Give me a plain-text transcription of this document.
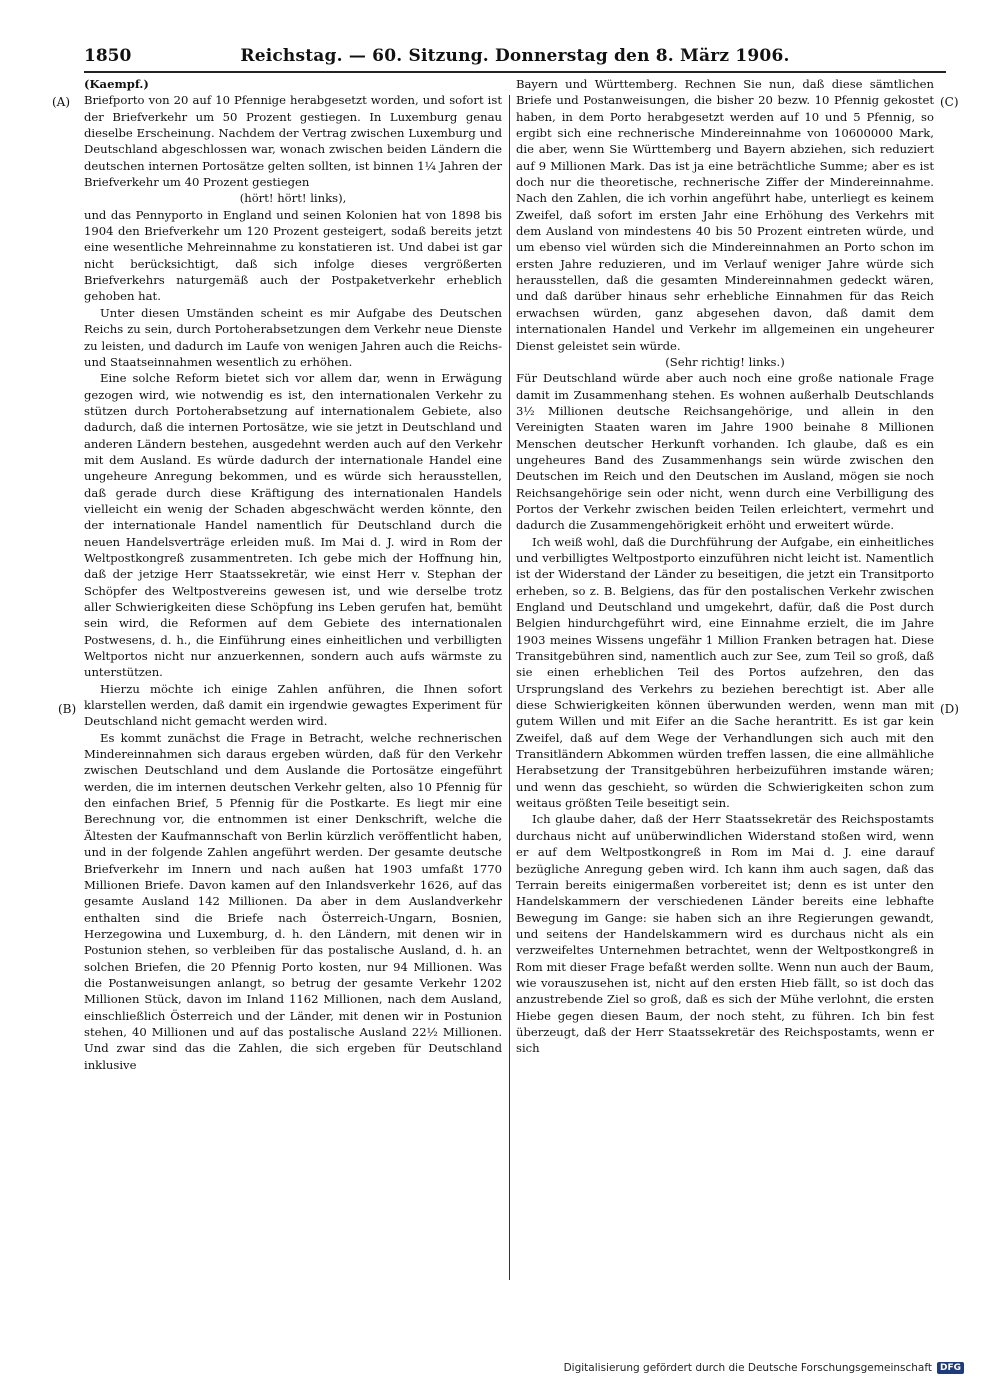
1850	Reichstag. — 60. Sitzung. Donnerstag den 8. März 1906.
(A)
(B)
(C)
(D)

(Kaempf.)

Briefporto von 20 auf 10 Pfennige herabgesetzt worden, und sofort ist der Briefverkehr um 50 Prozent gestiegen. In Luxemburg genau dieselbe Erscheinung. Nachdem der Vertrag zwischen Luxemburg und Deutschland abgeschlossen war, wonach zwischen beiden Ländern die deutschen internen Portosätze gelten sollten, ist binnen 1¼ Jahren der Briefverkehr um 40 Prozent gestiegen

(hört! hört! links),

und das Pennyporto in England und seinen Kolonien hat von 1898 bis 1904 den Briefverkehr um 120 Prozent gesteigert, sodaß bereits jetzt eine wesentliche Mehreinnahme zu konstatieren ist. Und dabei ist gar nicht berücksichtigt, daß sich infolge dieses vergrößerten Briefverkehrs naturgemäß auch der Postpaketverkehr erheblich gehoben hat.

Unter diesen Umständen scheint es mir Aufgabe des Deutschen Reichs zu sein, durch Portoherabsetzungen dem Verkehr neue Dienste zu leisten, und dadurch im Laufe von wenigen Jahren auch die Reichs- und Staatseinnahmen wesentlich zu erhöhen.

Eine solche Reform bietet sich vor allem dar, wenn in Erwägung gezogen wird, wie notwendig es ist, den internationalen Verkehr zu stützen durch Portoherabsetzung auf internationalem Gebiete, also dadurch, daß die internen Portosätze, wie sie jetzt in Deutschland und anderen Ländern bestehen, ausgedehnt werden auch auf den Verkehr mit dem Ausland. Es würde dadurch der internationale Handel eine ungeheure Anregung bekommen, und es würde sich herausstellen, daß gerade durch diese Kräftigung des internationalen Handels vielleicht ein wenig der Schaden abgeschwächt werden könnte, den der internationale Handel namentlich für Deutschland durch die neuen Handelsverträge erleiden muß. Im Mai d. J. wird in Rom der Weltpostkongreß zusammentreten. Ich gebe mich der Hoffnung hin, daß der jetzige Herr Staatssekretär, wie einst Herr v. Stephan der Schöpfer des Weltpostvereins gewesen ist, und wie derselbe trotz aller Schwierigkeiten diese Schöpfung ins Leben gerufen hat, bemüht sein wird, die Reformen auf dem Gebiete des internationalen Postwesens, d. h., die Einführung eines einheitlichen und verbilligten Weltportos nicht nur anzuerkennen, sondern auch aufs wärmste zu unterstützen.

Hierzu möchte ich einige Zahlen anführen, die Ihnen sofort klarstellen werden, daß damit ein irgendwie gewagtes Experiment für Deutschland nicht gemacht werden wird.

Es kommt zunächst die Frage in Betracht, welche rechnerischen Mindereinnahmen sich daraus ergeben würden, daß für den Verkehr zwischen Deutschland und dem Auslande die Portosätze eingeführt werden, die im internen deutschen Verkehr gelten, also 10 Pfennig für den einfachen Brief, 5 Pfennig für die Postkarte. Es liegt mir eine Berechnung vor, die entnommen ist einer Denkschrift, welche die Ältesten der Kaufmannschaft von Berlin kürzlich veröffentlicht haben, und in der folgende Zahlen angeführt werden. Der gesamte deutsche Briefverkehr im Innern und nach außen hat 1903 umfaßt 1770 Millionen Briefe. Davon kamen auf den Inlandsverkehr 1626, auf das gesamte Ausland 142 Millionen. Da aber in dem Auslandverkehr enthalten sind die Briefe nach Österreich-Ungarn, Bosnien, Herzegowina und Luxemburg, d. h. den Ländern, mit denen wir in Postunion stehen, so verbleiben für das postalische Ausland, d. h. an solchen Briefen, die 20 Pfennig Porto kosten, nur 94 Millionen. Was die Postanweisungen anlangt, so betrug der gesamte Verkehr 1202 Millionen Stück, davon im Inland 1162 Millionen, nach dem Ausland, einschließlich Österreich und der Länder, mit denen wir in Postunion stehen, 40 Millionen und auf das postalische Ausland 22½ Millionen. Und zwar sind das die Zahlen, die sich ergeben für Deutschland inklusive

Bayern und Württemberg. Rechnen Sie nun, daß diese sämtlichen Briefe und Postanweisungen, die bisher 20 bezw. 10 Pfennig gekostet haben, in dem Porto herabgesetzt werden auf 10 und 5 Pfennig, so ergibt sich eine rechnerische Mindereinnahme von 10600000 Mark, die aber, wenn Sie Württemberg und Bayern abziehen, sich reduziert auf 9 Millionen Mark. Das ist ja eine beträchtliche Summe; aber es ist doch nur die theoretische, rechnerische Ziffer der Mindereinnahme. Nach den Zahlen, die ich vorhin angeführt habe, unterliegt es keinem Zweifel, daß sofort im ersten Jahr eine Erhöhung des Verkehrs mit dem Ausland von mindestens 40 bis 50 Prozent eintreten würde, und um ebenso viel würden sich die Mindereinnahmen an Porto schon im ersten Jahre reduzieren, und im Verlauf weniger Jahre würde sich herausstellen, daß die gesamten Mindereinnahmen gedeckt wären, und daß darüber hinaus sehr erhebliche Einnahmen für das Reich erwachsen würden, ganz abgesehen davon, daß damit dem internationalen Handel und Verkehr im allgemeinen ein ungeheurer Dienst geleistet sein würde.

(Sehr richtig! links.)

Für Deutschland würde aber auch noch eine große nationale Frage damit im Zusammenhang stehen. Es wohnen außerhalb Deutschlands 3½ Millionen deutsche Reichsangehörige, und allein in den Vereinigten Staaten waren im Jahre 1900 beinahe 8 Millionen Menschen deutscher Herkunft vorhanden. Ich glaube, daß es ein ungeheures Band des Zusammenhangs sein würde zwischen den Deutschen im Reich und den Deutschen im Ausland, mögen sie noch Reichsangehörige sein oder nicht, wenn durch eine Verbilligung des Portos der Verkehr zwischen beiden Teilen erleichtert, vermehrt und dadurch die Zusammengehörigkeit erhöht und erweitert würde.

Ich weiß wohl, daß die Durchführung der Aufgabe, ein einheitliches und verbilligtes Weltpostporto einzuführen nicht leicht ist. Namentlich ist der Widerstand der Länder zu beseitigen, die jetzt ein Transitporto erheben, so z. B. Belgiens, das für den postalischen Verkehr zwischen England und Deutschland und umgekehrt, dafür, daß die Post durch Belgien hindurchgeführt wird, eine Einnahme erzielt, die im Jahre 1903 meines Wissens ungefähr 1 Million Franken betragen hat. Diese Transitgebühren sind, namentlich auch zur See, zum Teil so groß, daß sie einen erheblichen Teil des Portos aufzehren, den das Ursprungsland des Verkehrs zu beziehen berechtigt ist. Aber alle diese Schwierigkeiten können überwunden werden, wenn man mit gutem Willen und mit Eifer an die Sache herantritt. Es ist gar kein Zweifel, daß auf dem Wege der Verhandlungen sich auch mit den Transitländern Abkommen würden treffen lassen, die eine allmähliche Herabsetzung der Transitgebühren herbeizuführen imstande wären; und wenn das geschieht, so würden die Schwierigkeiten schon zum weitaus größten Teile beseitigt sein.

Ich glaube daher, daß der Herr Staatssekretär des Reichspostamts durchaus nicht auf unüberwindlichen Widerstand stoßen wird, wenn er auf dem Weltpostkongreß in Rom im Mai d. J. eine darauf bezügliche Anregung geben wird. Ich kann ihm auch sagen, daß das Terrain bereits einigermaßen vorbereitet ist; denn es ist unter den Handelskammern der verschiedenen Länder bereits eine lebhafte Bewegung im Gange: sie haben sich an ihre Regierungen gewandt, und seitens der Handelskammern wird es durchaus nicht als ein verzweifeltes Unternehmen betrachtet, wenn der Weltpostkongreß in Rom mit dieser Frage befaßt werden sollte. Wenn nun auch der Baum, wie vorauszusehen ist, nicht auf den ersten Hieb fällt, so ist doch das anzustrebende Ziel so groß, daß es sich der Mühe verlohnt, die ersten Hiebe gegen diesen Baum, der noch steht, zu führen. Ich bin fest überzeugt, daß der Herr Staatssekretär des Reichspostamts, wenn er sich

Digitalisierung gefördert durch die Deutsche Forschungsgemeinschaft DFG
